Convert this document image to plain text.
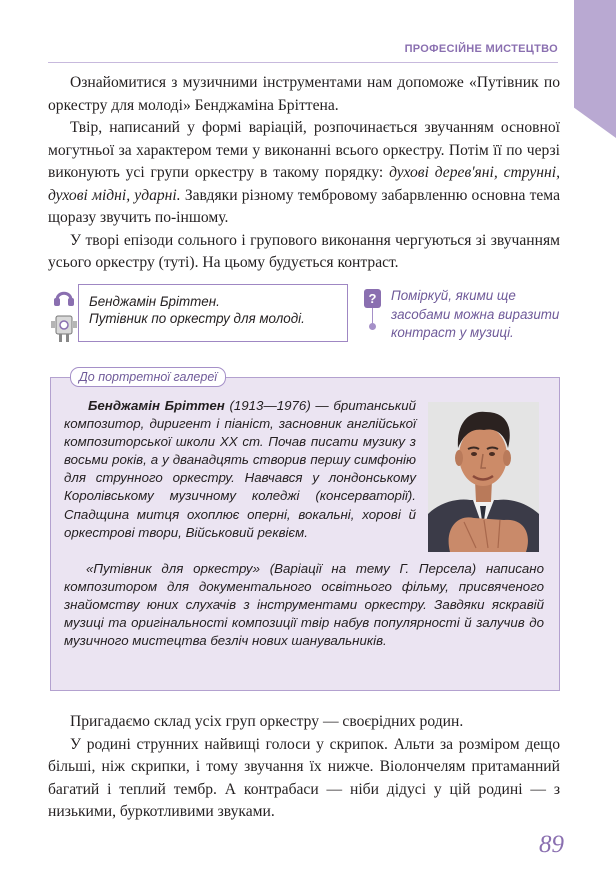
ПРОФЕСІЙНЕ МИСТЕЦТВО

Ознайомитися з музичними інструментами нам допоможе «Путівник по оркестру для молоді» Бенджаміна Бріттена.

Твір, написаний у формі варіацій, розпочинається звучанням основної могутньої за характером теми у виконанні всього оркестру. Потім її по черзі виконують усі групи оркестру в такому порядку: духові дерев'яні, струнні, духові мідні, ударні. Завдяки різному тембровому забарвленню основна тема щоразу звучить по-іншому.

У творі епізоди сольного і групового виконання чергуються зі звучанням усього оркестру (туті). На цьому будується контраст.

Бенджамін Бріттен.
Путівник по оркестру для молоді.
?	Поміркуй, якими ще засобами можна виразити контраст у музиці.
До портретної галереї

Бенджамін Бріттен (1913—1976) — британський композитор, диригент і піаніст, засновник англійської композиторської школи ХХ ст. Почав писати музику з восьми років, а у дванадцять створив першу симфонію для струнного оркестру. Навчався у лондонському Королівському музичному коледжі (консерваторії). Спадщина митця охоплює оперні, вокальні, хорові й оркестрові твори, Військовий реквієм.

«Путівник для оркестру» (Варіації на тему Г. Персела) написано композитором для документального освітнього фільму, присвяченого знайомству юних слухачів з інструментами оркестру. Завдяки яскравій музиці та оригінальності композиції твір набув популярності й залучив до музичного мистецтва безліч нових шанувальників.

Пригадаємо склад усіх груп оркестру — своєрідних родин.

У родині струнних найвищі голоси у скрипок. Альти за розміром дещо більші, ніж скрипки, і тому звучання їх нижче. Віолончелям притаманний багатий і теплий тембр. А контрабаси — ніби дідусі у цій родині — з низькими, буркотливими звуками.

89
